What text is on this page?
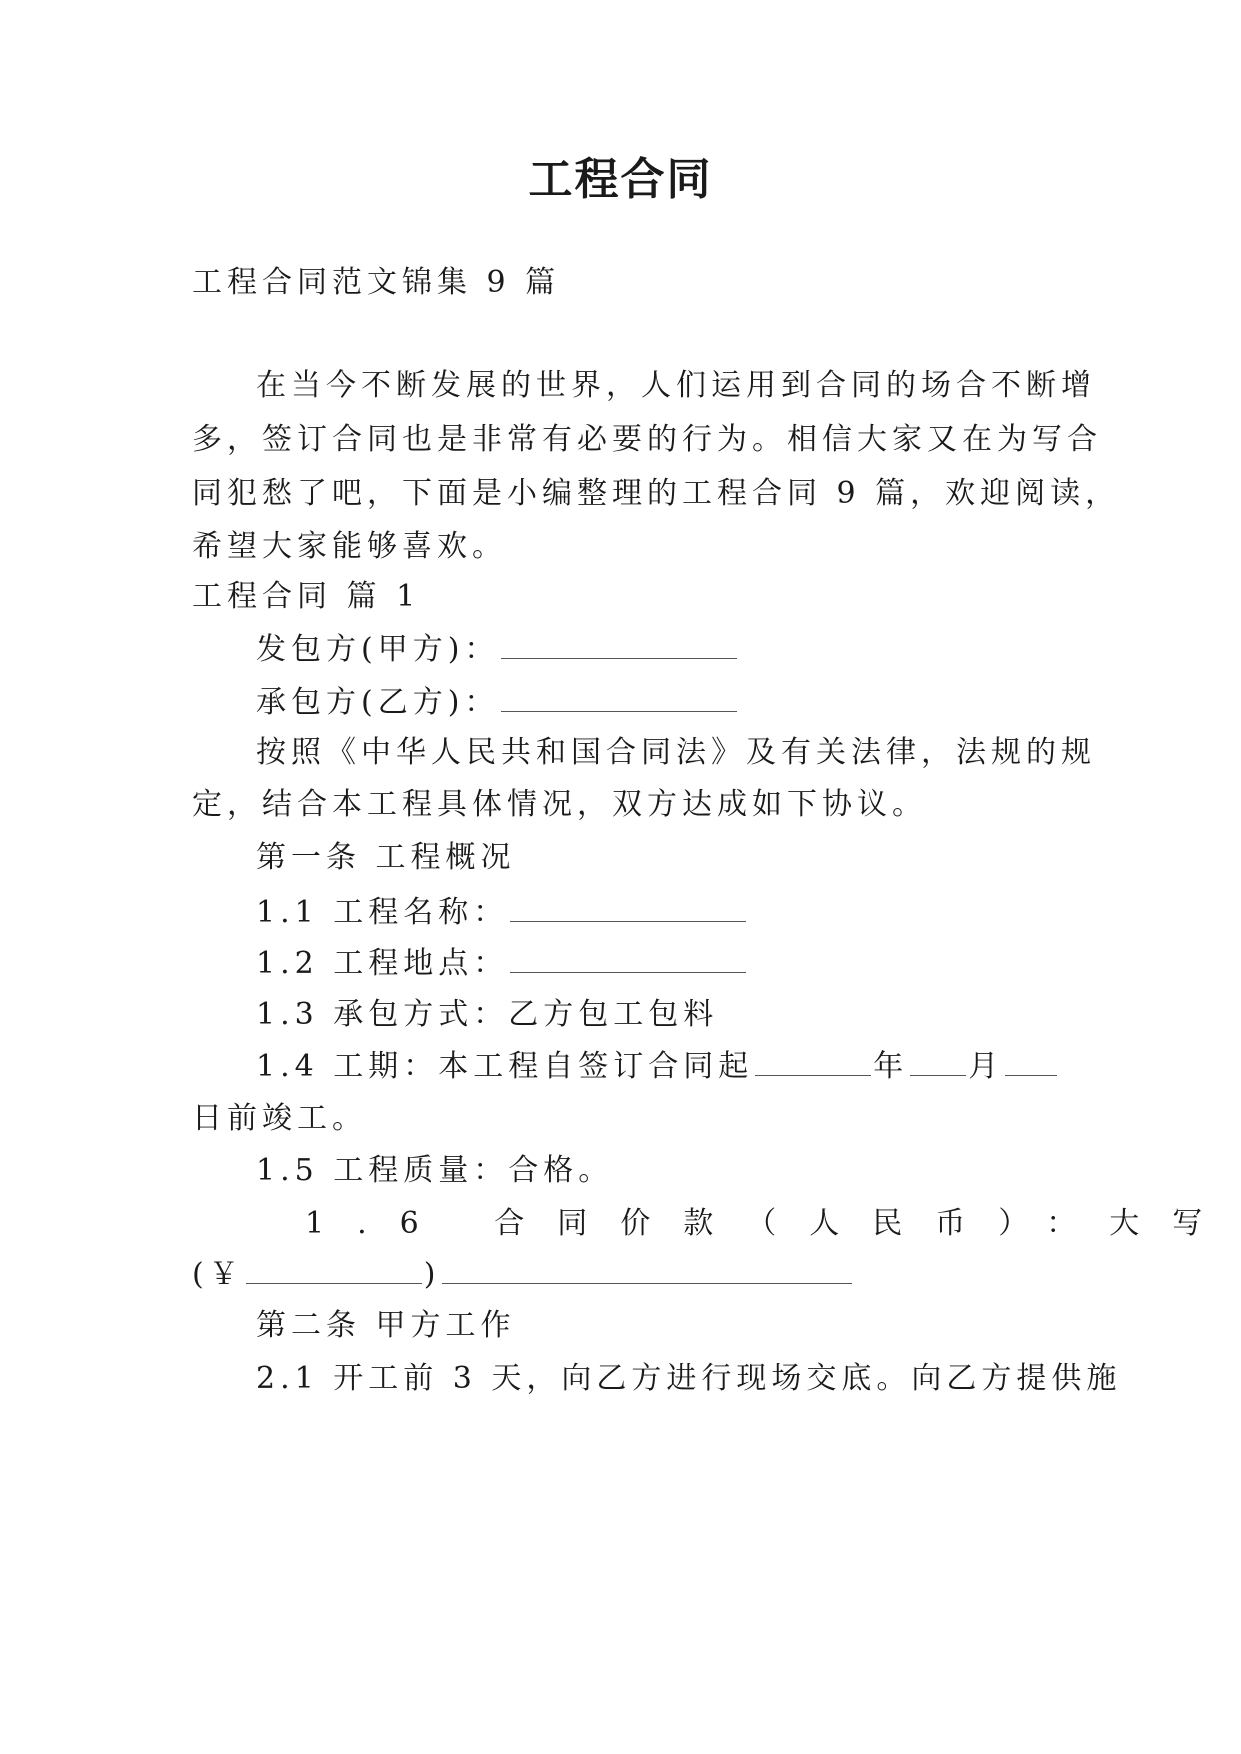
工程合同
工程合同范文锦集 9 篇
在当今不断发展的世界，人们运用到合同的场合不断增
多，签订合同也是非常有必要的行为。相信大家又在为写合
同犯愁了吧，下面是小编整理的工程合同 9 篇，欢迎阅读，
希望大家能够喜欢。
工程合同 篇 1
发包方(甲方)：
承包方(乙方)：
按照《中华人民共和国合同法》及有关法律，法规的规
定，结合本工程具体情况，双方达成如下协议。
第一条 工程概况
1.1 工程名称：
1.2 工程地点：
1.3 承包方式：乙方包工包料
1.4 工期：本工程自签订合同起	年 月
日前竣工。
1.5 工程质量：合格。
1.6 合同价款（人民币）：大写
(￥	)
第二条 甲方工作
2.1 开工前 3 天，向乙方进行现场交底。向乙方提供施
